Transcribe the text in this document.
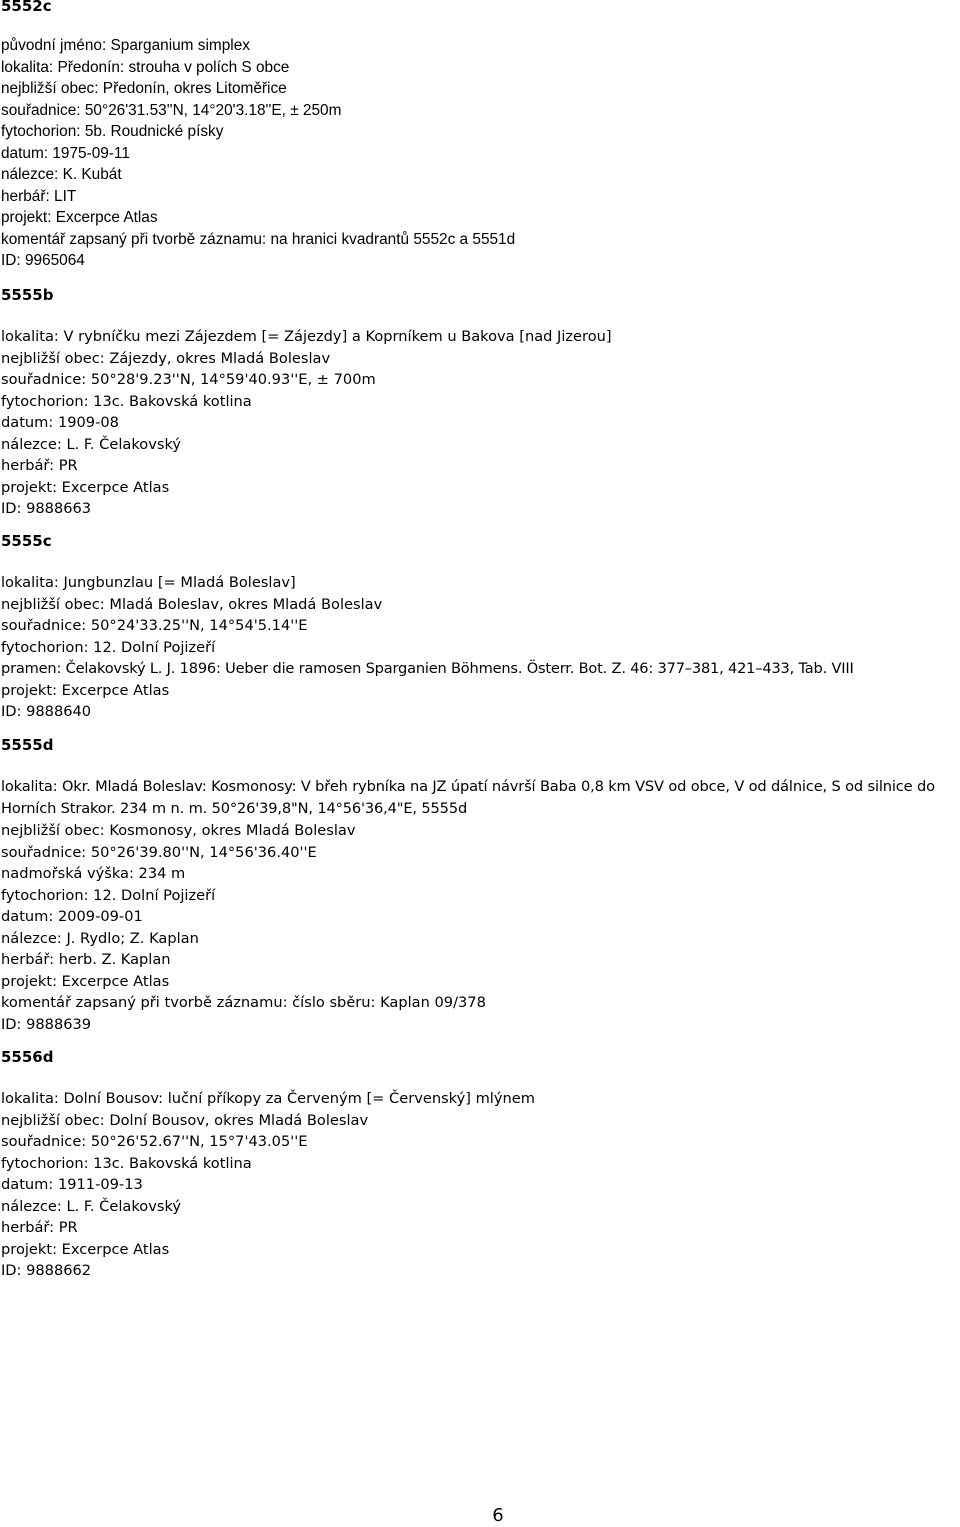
5552c
původní jméno: Sparganium simplex
lokalita: Předonín: strouha v polích S obce
nejbližší obec: Předonín, okres Litoměřice
souřadnice: 50°26'31.53''N, 14°20'3.18''E, ± 250m
fytochorion: 5b. Roudnické písky
datum: 1975-09-11
nálezce: K. Kubát
herbář: LIT
projekt: Excerpce Atlas
komentář zapsaný při tvorbě záznamu: na hranici kvadrantů 5552c a 5551d
ID: 9965064
5555b
lokalita: V rybníčku mezi Zájezdem [= Zájezdy] a Koprníkem u Bakova [nad Jizerou]
nejbližší obec: Zájezdy, okres Mladá Boleslav
souřadnice: 50°28'9.23''N, 14°59'40.93''E, ± 700m
fytochorion: 13c. Bakovská kotlina
datum: 1909-08
nálezce: L. F. Čelakovský
herbář: PR
projekt: Excerpce Atlas
ID: 9888663
5555c
lokalita: Jungbunzlau [= Mladá Boleslav]
nejbližší obec: Mladá Boleslav, okres Mladá Boleslav
souřadnice: 50°24'33.25''N, 14°54'5.14''E
fytochorion: 12. Dolní Pojizeří
pramen: Čelakovský L. J. 1896: Ueber die ramosen Sparganien Böhmens. Österr. Bot. Z. 46: 377–381, 421–433, Tab. VIII
projekt: Excerpce Atlas
ID: 9888640
5555d
lokalita: Okr. Mladá Boleslav: Kosmonosy: V břeh rybníka na JZ úpatí návrší Baba 0,8 km VSV od obce, V od dálnice, S od silnice do Horních Strakor. 234 m n. m. 50°26'39,8"N, 14°56'36,4"E, 5555d
nejbližší obec: Kosmonosy, okres Mladá Boleslav
souřadnice: 50°26'39.80''N, 14°56'36.40''E
nadmořská výška: 234 m
fytochorion: 12. Dolní Pojizeří
datum: 2009-09-01
nálezce: J. Rydlo; Z. Kaplan
herbář: herb. Z. Kaplan
projekt: Excerpce Atlas
komentář zapsaný při tvorbě záznamu: číslo sběru: Kaplan 09/378
ID: 9888639
5556d
lokalita: Dolní Bousov: luční příkopy za Červeným [= Červenský] mlýnem
nejbližší obec: Dolní Bousov, okres Mladá Boleslav
souřadnice: 50°26'52.67''N, 15°7'43.05''E
fytochorion: 13c. Bakovská kotlina
datum: 1911-09-13
nálezce: L. F. Čelakovský
herbář: PR
projekt: Excerpce Atlas
ID: 9888662
6
